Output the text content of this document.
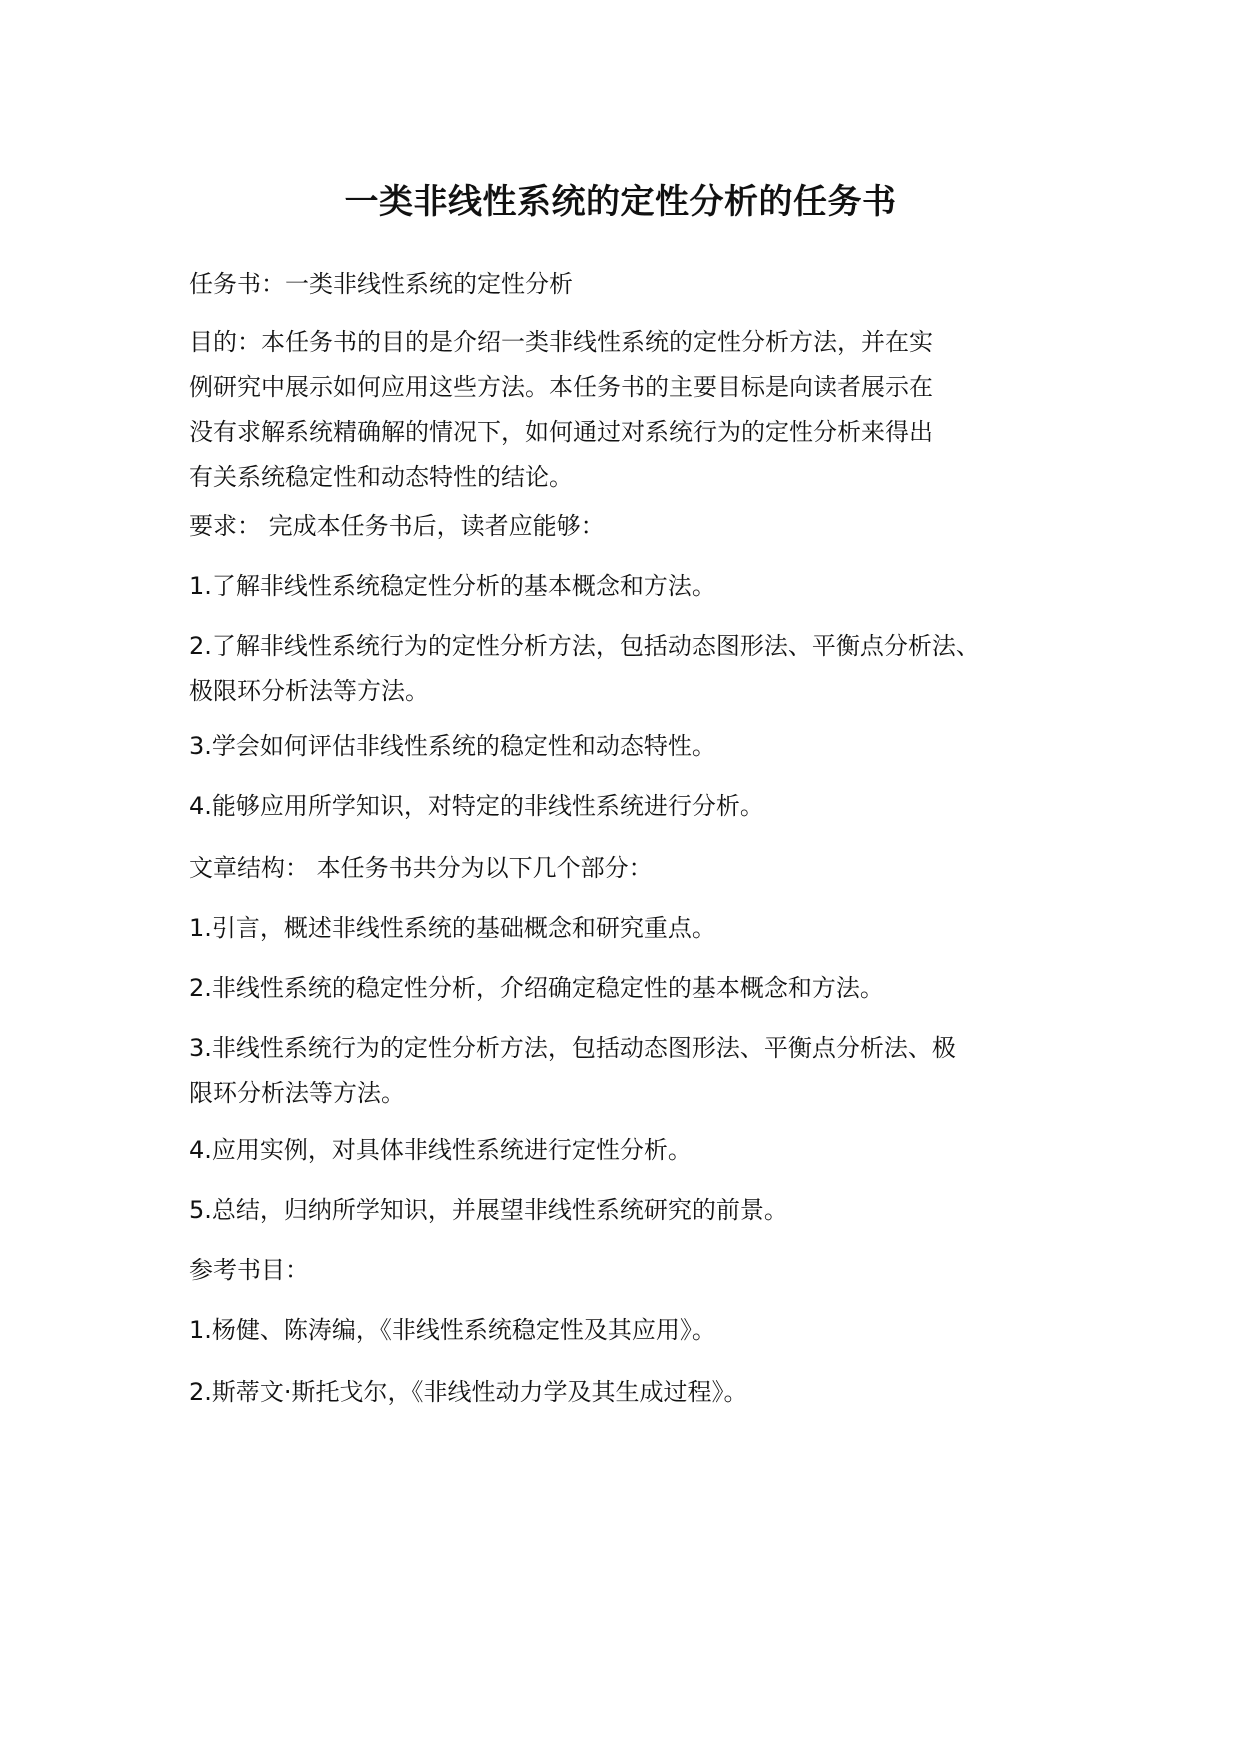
一类非线性系统的定性分析的任务书
任务书：一类非线性系统的定性分析
目的：本任务书的目的是介绍一类非线性系统的定性分析方法，并在实
例研究中展示如何应用这些方法。本任务书的主要目标是向读者展示在
没有求解系统精确解的情况下，如何通过对系统行为的定性分析来得出
有关系统稳定性和动态特性的结论。
要求： 完成本任务书后，读者应能够：
1.了解非线性系统稳定性分析的基本概念和方法。
2.了解非线性系统行为的定性分析方法，包括动态图形法、平衡点分析法、
极限环分析法等方法。
3.学会如何评估非线性系统的稳定性和动态特性。
4.能够应用所学知识，对特定的非线性系统进行分析。
文章结构： 本任务书共分为以下几个部分：
1.引言，概述非线性系统的基础概念和研究重点。
2.非线性系统的稳定性分析，介绍确定稳定性的基本概念和方法。
3.非线性系统行为的定性分析方法，包括动态图形法、平衡点分析法、极
限环分析法等方法。
4.应用实例，对具体非线性系统进行定性分析。
5.总结，归纳所学知识，并展望非线性系统研究的前景。
参考书目：
1.杨健、陈涛编，《非线性系统稳定性及其应用》。
2.斯蒂文·斯托戈尔，《非线性动力学及其生成过程》。
